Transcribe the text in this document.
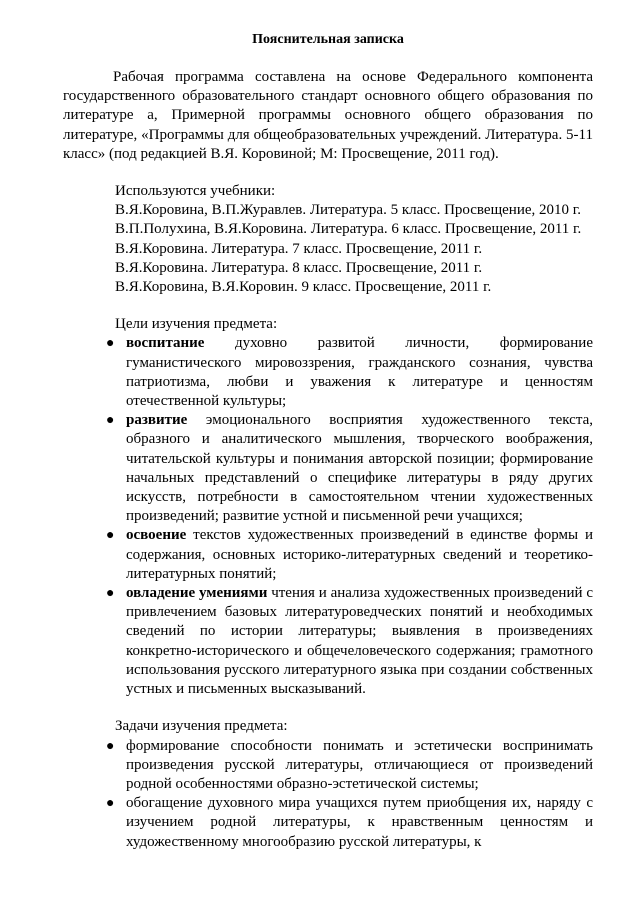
Пояснительная записка

Рабочая программа составлена на основе Федерального компонента государственного образовательного стандарт основного общего образования по литературе а, Примерной программы основного общего образования по литературе, «Программы для общеобразовательных учреждений. Литература. 5-11 класс» (под редакцией В.Я. Коровиной; М: Просвещение, 2011 год).

Используются учебники:

В.Я.Коровина, В.П.Журавлев. Литература. 5 класс. Просвещение, 2010 г.

В.П.Полухина, В.Я.Коровина. Литература. 6 класс. Просвещение, 2011 г.

В.Я.Коровина. Литература. 7 класс. Просвещение, 2011 г.

В.Я.Коровина. Литература. 8 класс. Просвещение, 2011 г.

В.Я.Коровина, В.Я.Коровин. 9 класс. Просвещение, 2011 г.

Цели изучения предмета:

● воспитание духовно развитой личности, формирование гуманистического мировоззрения, гражданского сознания, чувства патриотизма, любви и уважения к литературе и ценностям отечественной культуры;
● развитие эмоционального восприятия художественного текста, образного и аналитического мышления, творческого воображения, читательской культуры и понимания авторской позиции; формирование начальных представлений о специфике литературы в ряду других искусств, потребности в самостоятельном чтении художественных произведений; развитие устной и письменной речи учащихся;
● освоение текстов художественных произведений в единстве формы и содержания, основных историко-литературных сведений и теоретико-литературных понятий;
● овладение умениями чтения и анализа художественных произведений с привлечением базовых литературоведческих понятий и необходимых сведений по истории литературы; выявления в произведениях конкретно-исторического и общечеловеческого содержания; грамотного использования русского литературного языка при создании собственных устных и письменных высказываний.

Задачи изучения предмета:

● формирование способности понимать и эстетически воспринимать произведения русской литературы, отличающиеся от произведений родной особенностями образно-эстетической системы;
● обогащение духовного мира учащихся путем приобщения их, наряду с изучением родной литературы, к нравственным ценностям и художественному многообразию русской литературы, к
